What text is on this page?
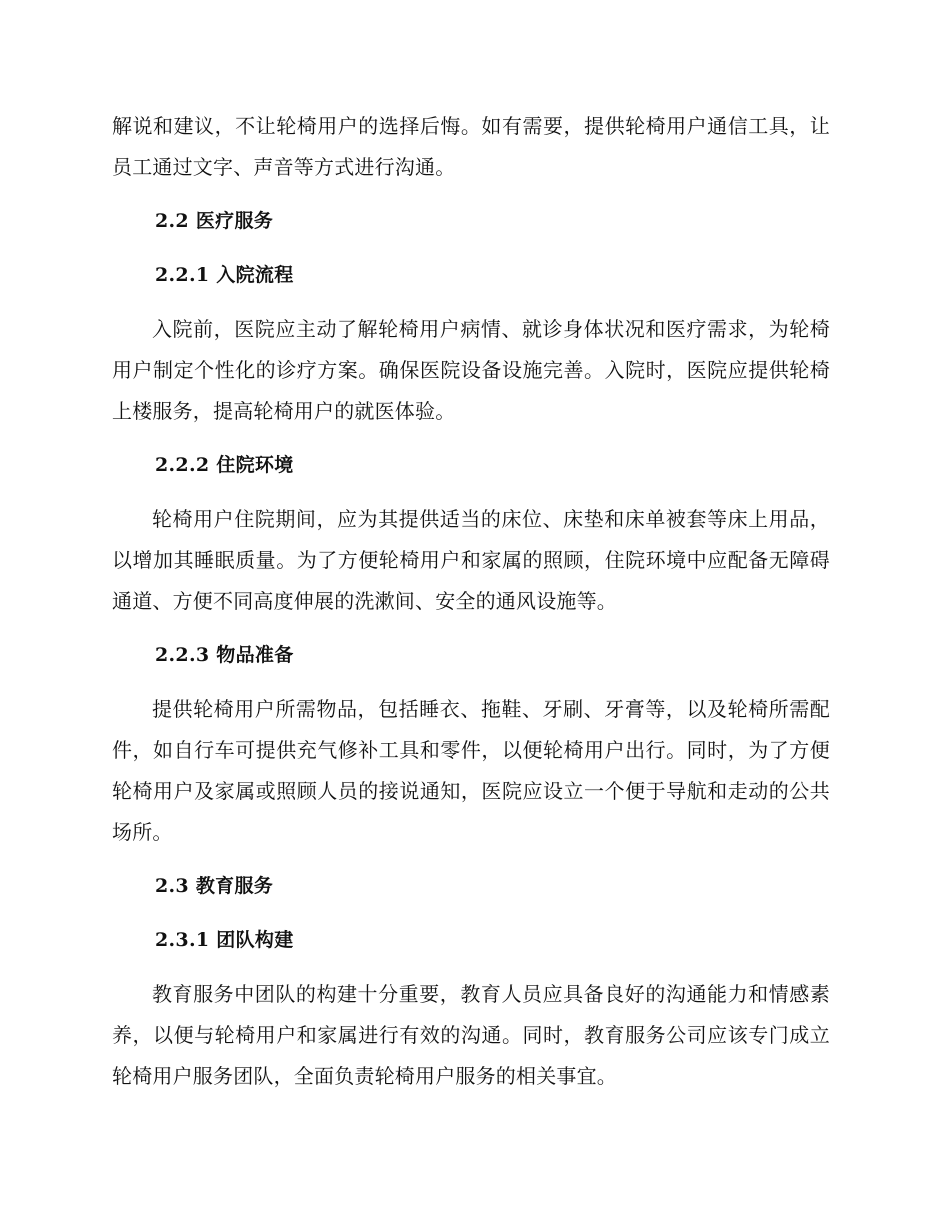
解说和建议，不让轮椅用户的选择后悔。如有需要，提供轮椅用户通信工具，让员工通过文字、声音等方式进行沟通。

2.2 医疗服务

2.2.1 入院流程

入院前，医院应主动了解轮椅用户病情、就诊身体状况和医疗需求，为轮椅用户制定个性化的诊疗方案。确保医院设备设施完善。入院时，医院应提供轮椅上楼服务，提高轮椅用户的就医体验。

2.2.2 住院环境

轮椅用户住院期间，应为其提供适当的床位、床垫和床单被套等床上用品，以增加其睡眠质量。为了方便轮椅用户和家属的照顾，住院环境中应配备无障碍通道、方便不同高度伸展的洗漱间、安全的通风设施等。

2.2.3 物品准备

提供轮椅用户所需物品，包括睡衣、拖鞋、牙刷、牙膏等，以及轮椅所需配件，如自行车可提供充气修补工具和零件，以便轮椅用户出行。同时，为了方便轮椅用户及家属或照顾人员的接说通知，医院应设立一个便于导航和走动的公共场所。

2.3 教育服务

2.3.1 团队构建

教育服务中团队的构建十分重要，教育人员应具备良好的沟通能力和情感素养，以便与轮椅用户和家属进行有效的沟通。同时，教育服务公司应该专门成立轮椅用户服务团队，全面负责轮椅用户服务的相关事宜。
